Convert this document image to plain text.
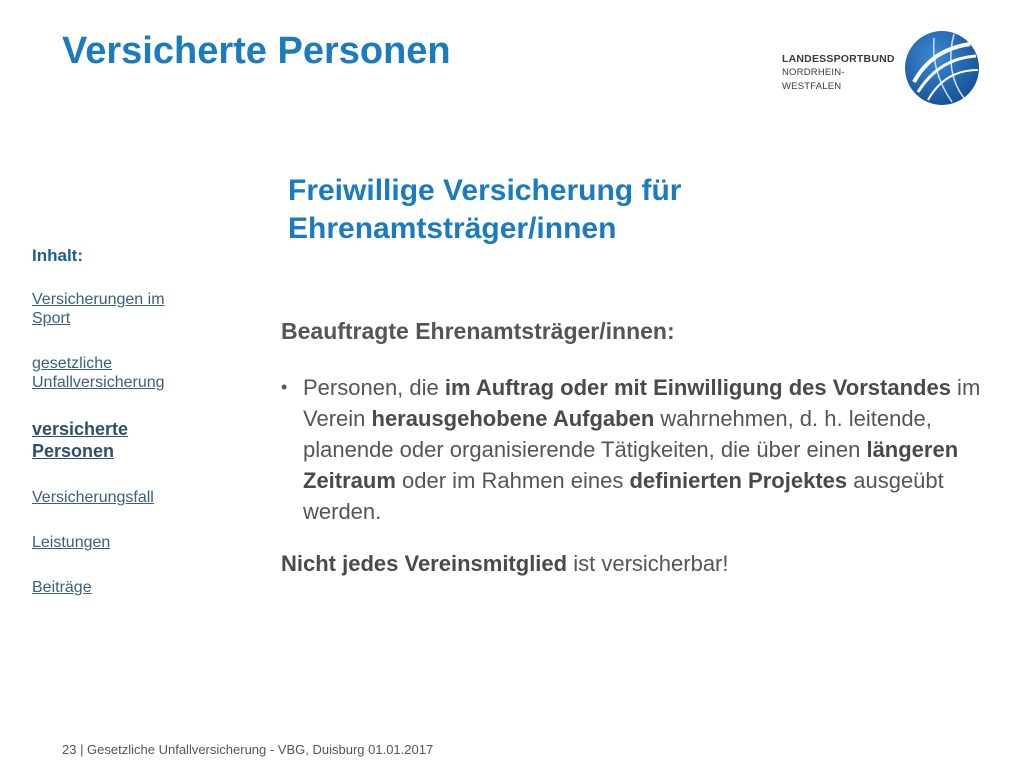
Versicherte Personen	LANDESSPORTBUND
NORDRHEIN-WESTFALEN
Inhalt:
Versicherungen im
Sport
gesetzliche
Unfallversicherung
versicherte
Personen
Versicherungsfall
Leistungen
Beiträge
Freiwillige Versicherung für
Ehrenamtsträger/innen
Beauftragte Ehrenamtsträger/innen:
• Personen, die im Auftrag oder mit Einwilligung des Vorstandes im Verein herausgehobene Aufgaben wahrnehmen, d. h. leitende, planende oder organisierende Tätigkeiten, die über einen längeren Zeitraum oder im Rahmen eines definierten Projektes ausgeübt werden.
Nicht jedes Vereinsmitglied ist versicherbar!
23 | Gesetzliche Unfallversicherung - VBG, Duisburg 01.01.2017
